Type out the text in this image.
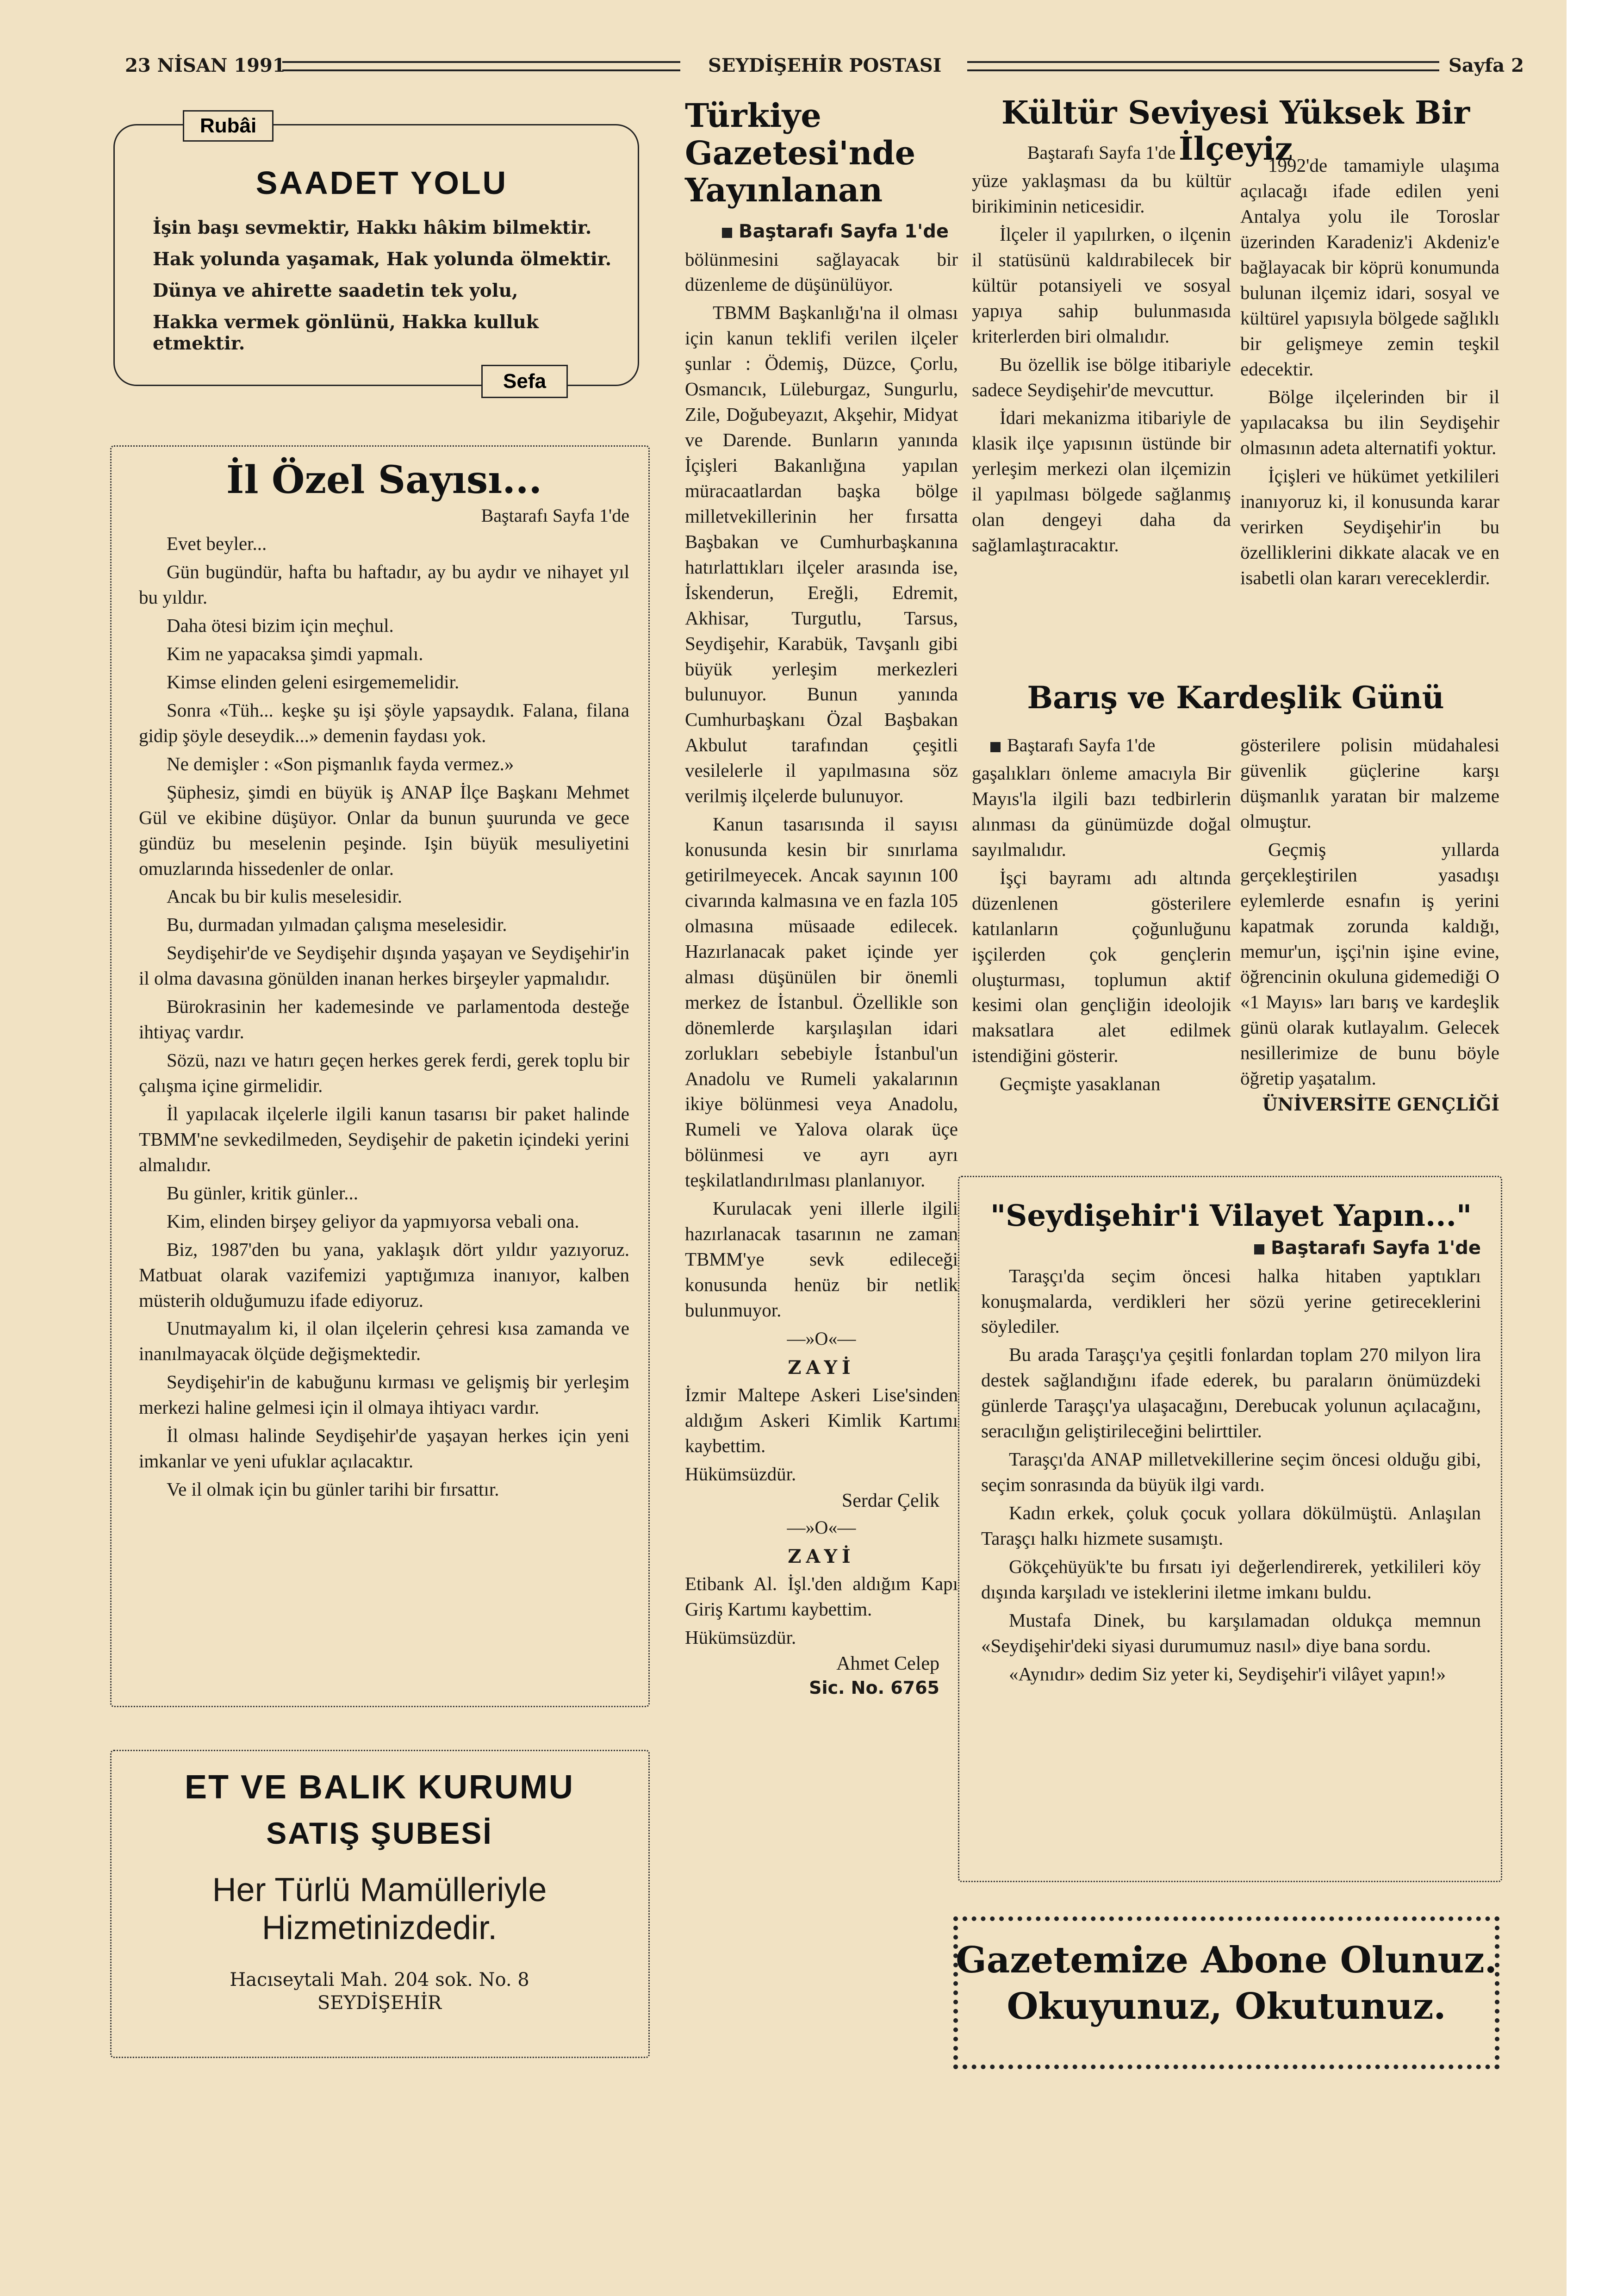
23 NİSAN 1991	SEYDİŞEHİR POSTASI	Sayfa 2
Rubâi
SAADET YOLU
İşin başı sevmektir, Hakkı hâkim bilmektir.
Hak yolunda yaşamak, Hak yolunda ölmektir.
Dünya ve ahirette saadetin tek yolu,
Hakka vermek gönlünü, Hakka kulluk etmektir.
Sefa
İl Özel Sayısı...
Baştarafı Sayfa 1'de

Evet beyler...

Gün bugündür, hafta bu haftadır, ay bu aydır ve nihayet yıl bu yıldır.

Daha ötesi bizim için meçhul.

Kim ne yapacaksa şimdi yapmalı.

Kimse elinden geleni esirgememelidir.

Sonra «Tüh... keşke şu işi şöyle yapsaydık. Falana, filana gidip şöyle deseydik...» demenin faydası yok.

Ne demişler : «Son pişmanlık fayda vermez.»

Şüphesiz, şimdi en büyük iş ANAP İlçe Başkanı Mehmet Gül ve ekibine düşüyor. Onlar da bunun şuurunda ve gece gündüz bu meselenin peşinde. Işin büyük mesuliyetini omuzlarında hissedenler de onlar.

Ancak bu bir kulis meselesidir.

Bu, durmadan yılmadan çalışma meselesidir.

Seydişehir'de ve Seydişehir dışında yaşayan ve Seydişehir'in il olma davasına gönülden inanan herkes birşeyler yapmalıdır.

Bürokrasinin her kademesinde ve parlamentoda desteğe ihtiyaç vardır.

Sözü, nazı ve hatırı geçen herkes gerek ferdi, gerek toplu bir çalışma içine girmelidir.

İl yapılacak ilçelerle ilgili kanun tasarısı bir paket halinde TBMM'ne sevkedilmeden, Seydişehir de paketin içindeki yerini almalıdır.

Bu günler, kritik günler...

Kim, elinden birşey geliyor da yapmıyorsa vebali ona.

Biz, 1987'den bu yana, yaklaşık dört yıldır yazıyoruz. Matbuat olarak vazifemizi yaptığımıza inanıyor, kalben müsterih olduğumuzu ifade ediyoruz.

Unutmayalım ki, il olan ilçelerin çehresi kısa zamanda ve inanılmayacak ölçüde değişmektedir.

Seydişehir'in de kabuğunu kırması ve gelişmiş bir yerleşim merkezi haline gelmesi için il olmaya ihtiyacı vardır.

İl olması halinde Seydişehir'de yaşayan herkes için yeni imkanlar ve yeni ufuklar açılacaktır.

Ve il olmak için bu günler tarihi bir fırsattır.

ET VE BALIK KURUMU
SATIŞ ŞUBESİ
Her Türlü Mamülleriyle
Hizmetinizdedir.
Hacıseytali Mah. 204 sok. No. 8
SEYDİŞEHİR
Türkiye
Gazetesi'nde
Yayınlanan
Baştarafı Sayfa 1'de

bölünmesini sağlayacak bir düzenleme de düşünülüyor.

TBMM Başkanlığı'na il olması için kanun teklifi verilen ilçeler şunlar : Ödemiş, Düzce, Çorlu, Osmancık, Lüleburgaz, Sungurlu, Zile, Doğubeyazıt, Akşehir, Midyat ve Darende. Bunların yanında İçişleri Bakanlığına yapılan müracaatlardan başka bölge milletvekillerinin her fırsatta Başbakan ve Cumhurbaşkanına hatırlattıkları ilçeler arasında ise, İskenderun, Ereğli, Edremit, Akhisar, Turgutlu, Tarsus, Seydişehir, Karabük, Tavşanlı gibi büyük yerleşim merkezleri bulunuyor. Bunun yanında Cumhurbaşkanı Özal Başbakan Akbulut tarafından çeşitli vesilelerle il yapılmasına söz verilmiş ilçelerde bulunuyor.

Kanun tasarısında il sayısı konusunda kesin bir sınırlama getirilmeyecek. Ancak sayının 100 civarında kalmasına ve en fazla 105 olmasına müsaade edilecek. Hazırlanacak paket içinde yer alması düşünülen bir önemli merkez de İstanbul. Özellikle son dönemlerde karşılaşılan idari zorlukları sebebiyle İstanbul'un Anadolu ve Rumeli yakalarının ikiye bölünmesi veya Anadolu, Rumeli ve Yalova olarak üçe bölünmesi ve ayrı ayrı teşkilatlandırılması planlanıyor.

Kurulacak yeni illerle ilgili hazırlanacak tasarının ne zaman TBMM'ye sevk edileceği konusunda henüz bir netlik bulunmuyor.

—»O«—
ZAYİ

İzmir Maltepe Askeri Lise'sinden aldığım Askeri Kimlik Kartımı kaybettim.

Hükümsüzdür.

Serdar Çelik
—»O«—
ZAYİ

Etibank Al. İşl.'den aldığım Kapı Giriş Kartımı kaybettim.

Hükümsüzdür.

Ahmet Celep
Sic. No. 6765
Kültür Seviyesi Yüksek Bir İlçeyiz
Baştarafı Sayfa 1'de

yüze yaklaşması da bu kültür birikiminin neticesidir.

İlçeler il yapılırken, o ilçenin il statüsünü kaldırabilecek bir kültür potansiyeli ve sosyal yapıya sahip bulunmasıda kriterlerden biri olmalıdır.

Bu özellik ise bölge itibariyle sadece Seydişehir'de mevcuttur.

İdari mekanizma itibariyle de klasik ilçe yapısının üstünde bir yerleşim merkezi olan ilçemizin il yapılması bölgede sağlanmış olan dengeyi daha da sağlamlaştıracaktır.

1992'de tamamiyle ulaşıma açılacağı ifade edilen yeni Antalya yolu ile Toroslar üzerinden Karadeniz'i Akdeniz'e bağlayacak bir köprü konumunda bulunan ilçemiz idari, sosyal ve kültürel yapısıyla bölgede sağlıklı bir gelişmeye zemin teşkil edecektir.

Bölge ilçelerinden bir il yapılacaksa bu ilin Seydişehir olmasının adeta alternatifi yoktur.

İçişleri ve hükümet yetkilileri inanıyoruz ki, il konusunda karar verirken Seydişehir'in bu özelliklerini dikkate alacak ve en isabetli olan kararı vereceklerdir.

Barış ve Kardeşlik Günü
Baştarafı Sayfa 1'de

gaşalıkları önleme amacıyla Bir Mayıs'la ilgili bazı tedbirlerin alınması da günümüzde doğal sayılmalıdır.

İşçi bayramı adı altında düzenlenen gösterilere katılanların çoğunluğunu işçilerden çok gençlerin oluşturması, toplumun aktif kesimi olan gençliğin ideolojik maksatlara alet edilmek istendiğini gösterir.

Geçmişte yasaklanan

gösterilere polisin müdahalesi güvenlik güçlerine karşı düşmanlık yaratan bir malzeme olmuştur.

Geçmiş yıllarda gerçekleştirilen yasadışı eylemlerde esnafın iş yerini kapatmak zorunda kaldığı, memur'un, işçi'nin işine evine, öğrencinin okuluna gidemediği O «1 Mayıs» ları barış ve kardeşlik günü olarak kutlayalım. Gelecek nesillerimize de bunu böyle öğretip yaşatalım.

ÜNİVERSİTE GENÇLİĞİ
"Seydişehir'i Vilayet Yapın..."
Baştarafı Sayfa 1'de

Taraşçı'da seçim öncesi halka hitaben yaptıkları konuşmalarda, verdikleri her sözü yerine getireceklerini söylediler.

Bu arada Taraşçı'ya çeşitli fonlardan toplam 270 milyon lira destek sağlandığını ifade ederek, bu paraların önümüzdeki günlerde Taraşçı'ya ulaşacağını, Derebucak yolunun açılacağını, seracılığın geliştirileceğini belirttiler.

Taraşçı'da ANAP milletvekillerine seçim öncesi olduğu gibi, seçim sonrasında da büyük ilgi vardı.

Kadın erkek, çoluk çocuk yollara dökülmüştü. Anlaşılan Taraşçı halkı hizmete susamıştı.

Gökçehüyük'te bu fırsatı iyi değerlendirerek, yetkilileri köy dışında karşıladı ve isteklerini iletme imkanı buldu.

Mustafa Dinek, bu karşılamadan oldukça memnun «Seydişehir'deki siyasi durumumuz nasıl» diye bana sordu.

«Aynıdır» dedim Siz yeter ki, Seydişehir'i vilâyet yapın!»

Gazetemize Abone Olunuz.
Okuyunuz, Okutunuz.
